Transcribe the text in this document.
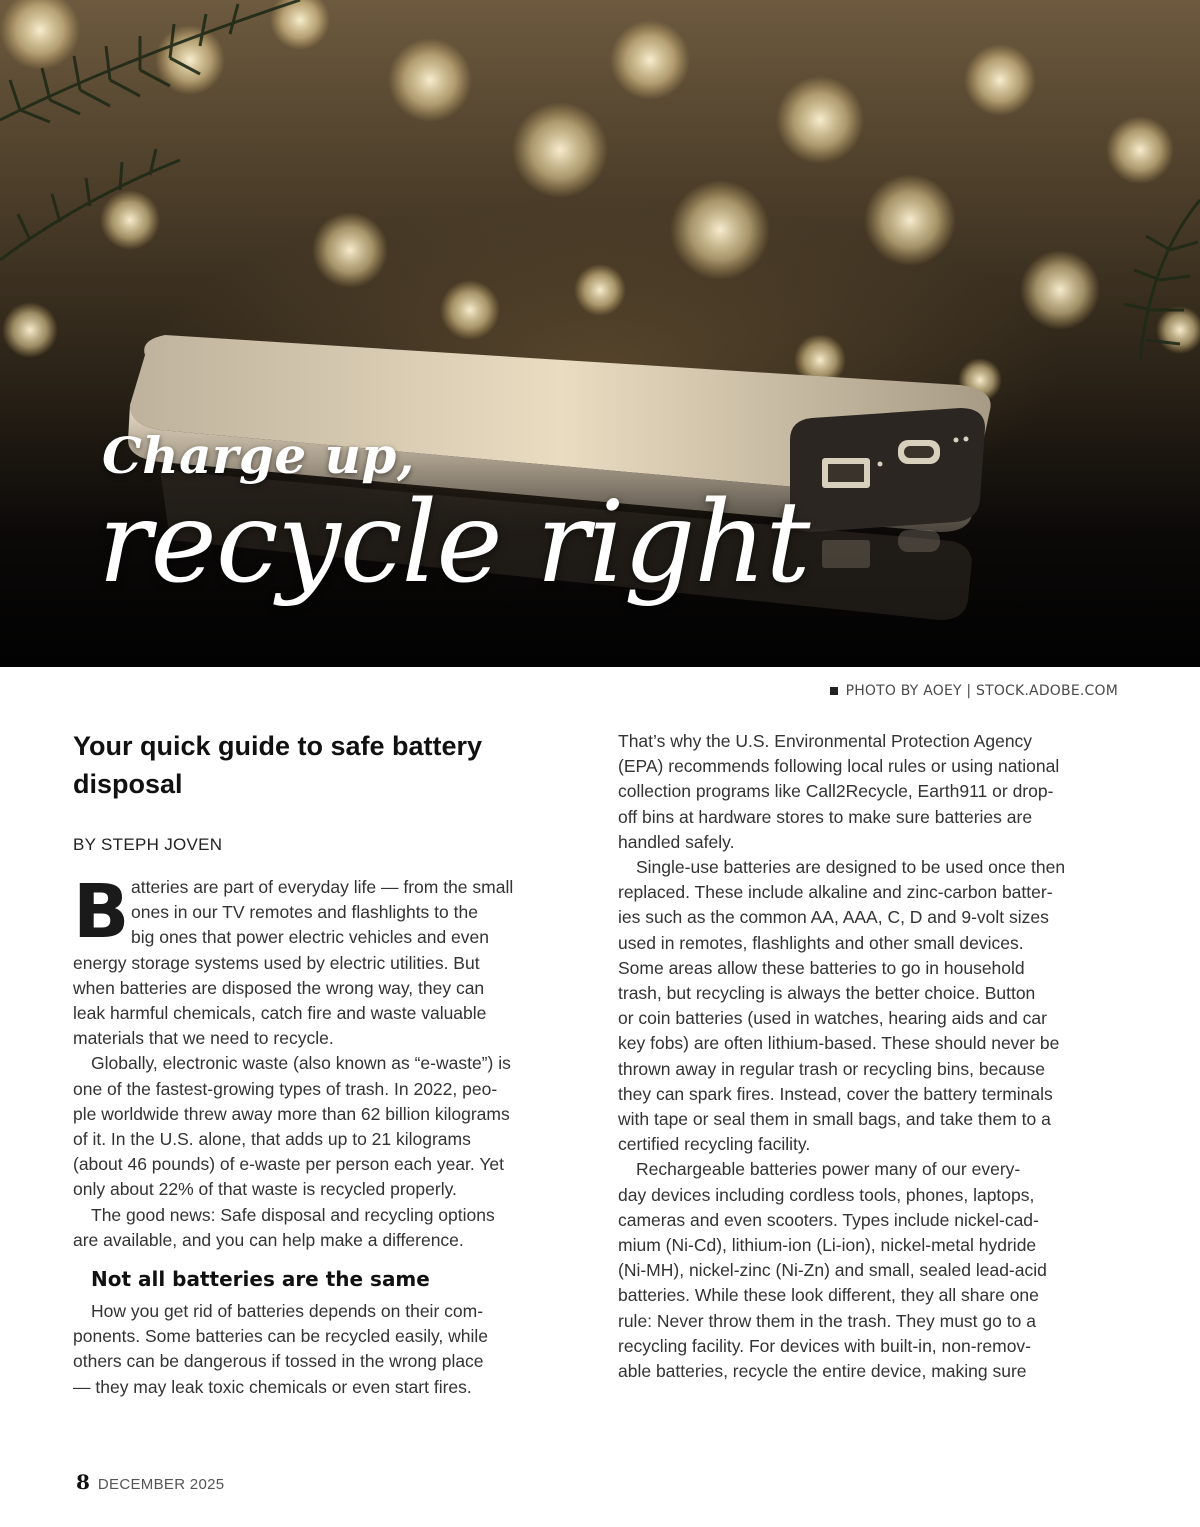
Charge up,
recycle right
PHOTO BY AOEY | STOCK.ADOBE.COM
Your quick guide to safe battery
disposal
BY STEPH JOVEN
B atteries are part of everyday life — from the small
ones in our TV remotes and flashlights to the
big ones that power electric vehicles and even
energy storage systems used by electric utilities. But
when batteries are disposed the wrong way, they can
leak harmful chemicals, catch fire and waste valuable
materials that we need to recycle.
Globally, electronic waste (also known as “e-waste”) is
one of the fastest-growing types of trash. In 2022, peo-
ple worldwide threw away more than 62 billion kilograms
of it. In the U.S. alone, that adds up to 21 kilograms
(about 46 pounds) of e-waste per person each year. Yet
only about 22% of that waste is recycled properly.
The good news: Safe disposal and recycling options
are available, and you can help make a difference.
Not all batteries are the same
How you get rid of batteries depends on their com-
ponents. Some batteries can be recycled easily, while
others can be dangerous if tossed in the wrong place
— they may leak toxic chemicals or even start fires.
That’s why the U.S. Environmental Protection Agency
(EPA) recommends following local rules or using national
collection programs like Call2Recycle, Earth911 or drop-
off bins at hardware stores to make sure batteries are
handled safely.
Single-use batteries are designed to be used once then
replaced. These include alkaline and zinc-carbon batter-
ies such as the common AA, AAA, C, D and 9-volt sizes
used in remotes, flashlights and other small devices.
Some areas allow these batteries to go in household
trash, but recycling is always the better choice. Button
or coin batteries (used in watches, hearing aids and car
key fobs) are often lithium-based. These should never be
thrown away in regular trash or recycling bins, because
they can spark fires. Instead, cover the battery terminals
with tape or seal them in small bags, and take them to a
certified recycling facility.
Rechargeable batteries power many of our every-
day devices including cordless tools, phones, laptops,
cameras and even scooters. Types include nickel-cad-
mium (Ni-Cd), lithium-ion (Li-ion), nickel-metal hydride
(Ni-MH), nickel-zinc (Ni-Zn) and small, sealed lead-acid
batteries. While these look different, they all share one
rule: Never throw them in the trash. They must go to a
recycling facility. For devices with built-in, non-remov-
able batteries, recycle the entire device, making sure
8 DECEMBER 2025
